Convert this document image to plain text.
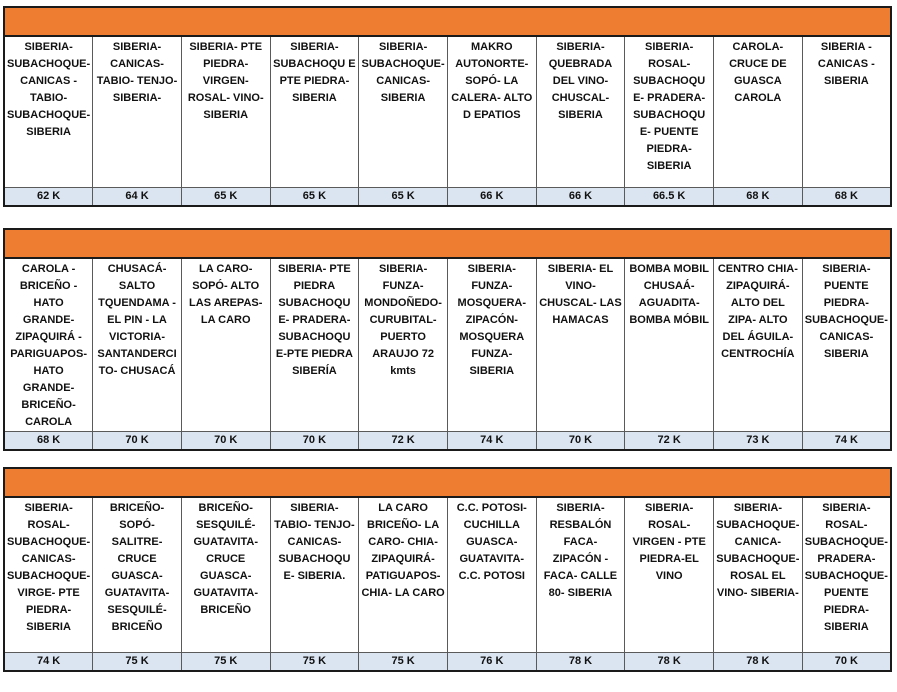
SIBERIA- SUBACHOQUE- CANICAS - TABIO- SUBACHOQUE- SIBERIA	SIBERIA- CANICAS- TABIO- TENJO- SIBERIA-	SIBERIA- PTE PIEDRA- VIRGEN- ROSAL- VINO- SIBERIA	SIBERIA- SUBACHOQU E PTE PIEDRA- SIBERIA	SIBERIA- SUBACHOQUE- CANICAS- SIBERIA	MAKRO AUTONORTE- SOPÓ- LA CALERA- ALTO D EPATIOS	SIBERIA- QUEBRADA DEL VINO- CHUSCAL- SIBERIA	SIBERIA- ROSAL- SUBACHOQU E- PRADERA- SUBACHOQU E- PUENTE PIEDRA- SIBERIA	CAROLA- CRUCE DE GUASCA CAROLA	SIBERIA - CANICAS - SIBERIA
62 K	64 K	65 K	65 K	65 K	66 K	66 K	66.5 K	68 K	68 K

CAROLA - BRICEÑO -HATO GRANDE- ZIPAQUIRÁ - PARIGUAPOS- HATO GRANDE- BRICEÑO- CAROLA	CHUSACÁ- SALTO TQUENDAMA - EL PIN - LA VICTORIA- SANTANDERCI TO- CHUSACÁ	LA CARO- SOPÓ- ALTO LAS AREPAS- LA CARO	SIBERIA- PTE PIEDRA SUBACHOQU E- PRADERA- SUBACHOQU E-PTE PIEDRA SIBERÍA	SIBERIA- FUNZA- MONDOÑEDO- CURUBITAL- PUERTO ARAUJO 72 kmts	SIBERIA- FUNZA- MOSQUERA- ZIPACÓN- MOSQUERA FUNZA- SIBERIA	SIBERIA- EL VINO- CHUSCAL- LAS HAMACAS	BOMBA MOBIL CHUSAÁ- AGUADITA- BOMBA MÓBIL	CENTRO CHIA- ZIPAQUIRÁ- ALTO DEL ZIPA- ALTO DEL ÁGUILA- CENTROCHÍA	SIBERIA-PUENTE PIEDRA- SUBACHOQUE- CANICAS- SIBERIA
68 K	70 K	70 K	70 K	72 K	74 K	70 K	72 K	73 K	74 K

SIBERIA- ROSAL- SUBACHOQUE- CANICAS- SUBACHOQUE- VIRGE- PTE PIEDRA- SIBERIA	BRICEÑO- SOPÓ- SALITRE- CRUCE GUASCA- GUATAVITA- SESQUILÉ- BRICEÑO	BRICEÑO- SESQUILÉ- GUATAVITA- CRUCE GUASCA- GUATAVITA- BRICEÑO	SIBERIA- TABIO- TENJO- CANICAS- SUBACHOQU E- SIBERIA.	LA CARO BRICEÑO- LA CARO- CHIA- ZIPAQUIRÁ- PATIGUAPOS- CHIA- LA CARO	C.C. POTOSI- CUCHILLA GUASCA- GUATAVITA- C.C. POTOSI	SIBERIA- RESBALÓN FACA- ZIPACÓN - FACA- CALLE 80- SIBERIA	SIBERIA- ROSAL- VIRGEN - PTE PIEDRA-EL VINO	SIBERIA- SUBACHOQUE- CANICA- SUBACHOQUE- ROSAL EL VINO- SIBERIA-	SIBERIA- ROSAL- SUBACHOQUE- PRADERA- SUBACHOQUE- PUENTE PIEDRA- SIBERIA
74 K	75 K	75 K	75 K	75 K	76 K	78 K	78 K	78 K	70 K
